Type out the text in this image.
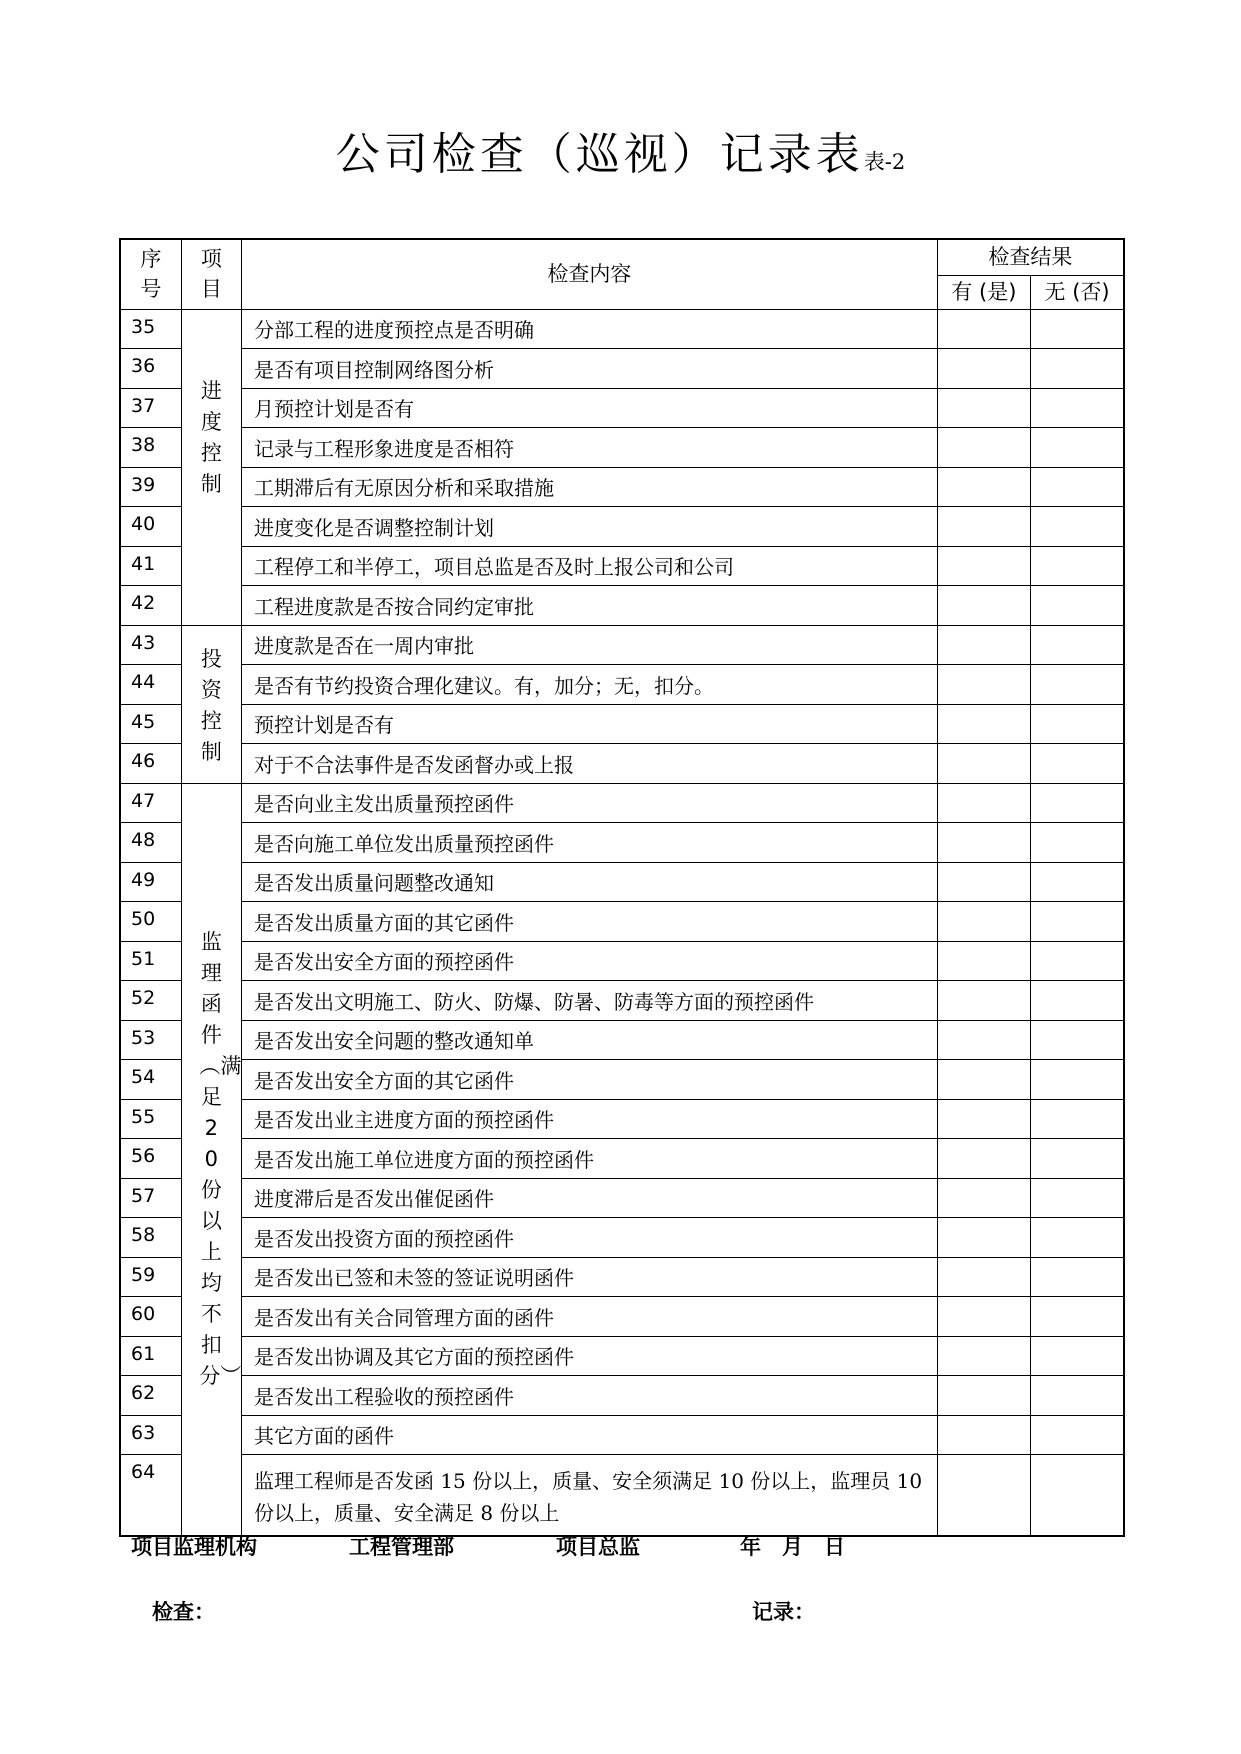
公司检查（巡视）记录表表-2
序号	项目	检查内容	检查结果	
			有 (是)	无 (否)
35	进度控制	分部工程的进度预控点是否明确		
36		是否有项目控制网络图分析		
37		月预控计划是否有		
38		记录与工程形象进度是否相符		
39		工期滞后有无原因分析和采取措施		
40		进度变化是否调整控制计划		
41		工程停工和半停工，项目总监是否及时上报公司和公司		
42		工程进度款是否按合同约定审批		
43	投资控制	进度款是否在一周内审批		
44		是否有节约投资合理化建议。有，加分；无，扣分。		
45		预控计划是否有		
46		对于不合法事件是否发函督办或上报		
47	监理函件︵满足20份以上均不扣分︶	是否向业主发出质量预控函件		
48		是否向施工单位发出质量预控函件		
49		是否发出质量问题整改通知		
50		是否发出质量方面的其它函件		
51		是否发出安全方面的预控函件		
52		是否发出文明施工、防火、防爆、防暑、防毒等方面的预控函件		
53		是否发出安全问题的整改通知单		
54		是否发出安全方面的其它函件		
55		是否发出业主进度方面的预控函件		
56		是否发出施工单位进度方面的预控函件		
57		进度滞后是否发出催促函件		
58		是否发出投资方面的预控函件		
59		是否发出已签和未签的签证说明函件		
60		是否发出有关合同管理方面的函件		
61		是否发出协调及其它方面的预控函件		
62		是否发出工程验收的预控函件		
63		其它方面的函件		
64		监理工程师是否发函 15 份以上，质量、安全须满足 10 份以上，监理员 10 份以上，质量、安全满足 8 份以上		
项目监理机构	工程管理部	项目总监	年　月　日
检查：	记录：
